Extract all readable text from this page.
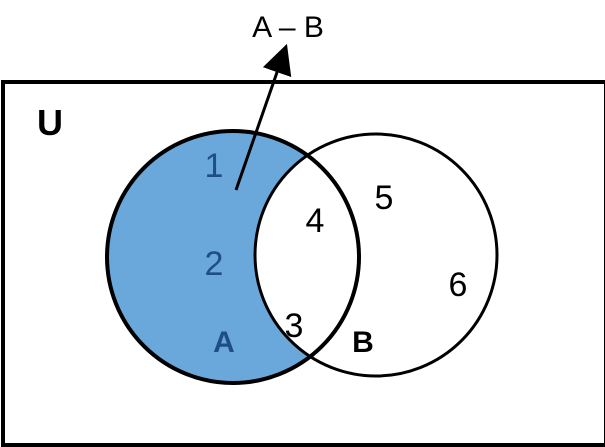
U
A – B
1
2
4
3
5
6
A	B
